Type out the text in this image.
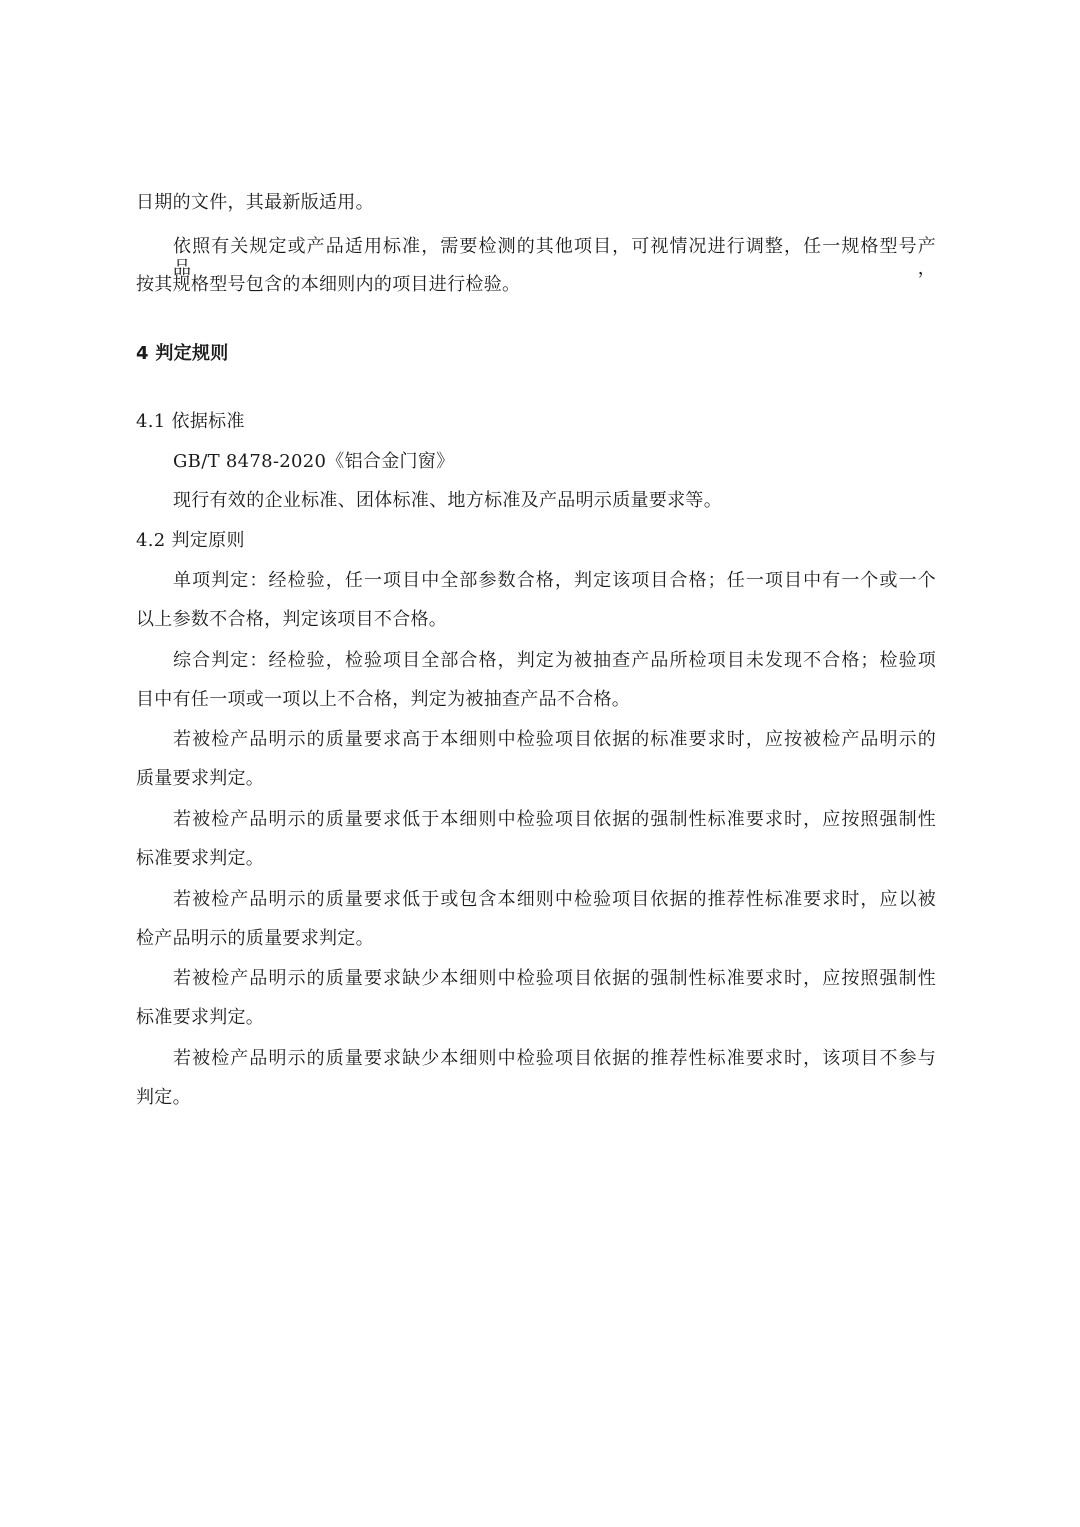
日期的文件，其最新版适用。
依照有关规定或产品适用标准，需要检测的其他项目，可视情况进行调整，任一规格型号产品，
按其规格型号包含的本细则内的项目进行检验。
4 判定规则
4.1 依据标准
GB/T 8478-2020《铝合金门窗》
现行有效的企业标准、团体标准、地方标准及产品明示质量要求等。
4.2 判定原则
单项判定：经检验，任一项目中全部参数合格，判定该项目合格；任一项目中有一个或一个
以上参数不合格，判定该项目不合格。
综合判定：经检验，检验项目全部合格，判定为被抽查产品所检项目未发现不合格；检验项
目中有任一项或一项以上不合格，判定为被抽查产品不合格。
若被检产品明示的质量要求高于本细则中检验项目依据的标准要求时，应按被检产品明示的
质量要求判定。
若被检产品明示的质量要求低于本细则中检验项目依据的强制性标准要求时，应按照强制性
标准要求判定。
若被检产品明示的质量要求低于或包含本细则中检验项目依据的推荐性标准要求时，应以被
检产品明示的质量要求判定。
若被检产品明示的质量要求缺少本细则中检验项目依据的强制性标准要求时，应按照强制性
标准要求判定。
若被检产品明示的质量要求缺少本细则中检验项目依据的推荐性标准要求时，该项目不参与
判定。
